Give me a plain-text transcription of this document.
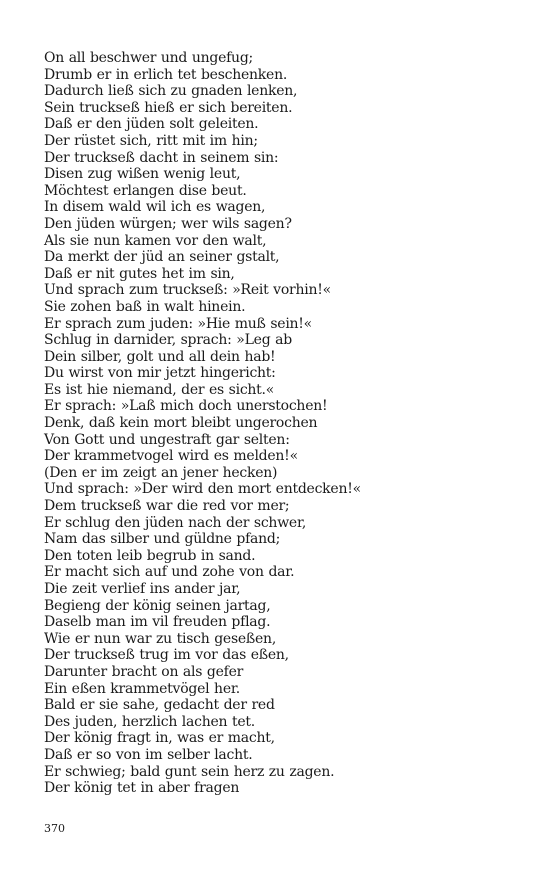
On all beschwer und ungefug;
Drumb er in erlich tet beschenken.
Dadurch ließ sich zu gnaden lenken,
Sein truckseß hieß er sich bereiten.
Daß er den jüden solt geleiten.
Der rüstet sich, ritt mit im hin;
Der truckseß dacht in seinem sin:
Disen zug wißen wenig leut,
Möchtest erlangen dise beut.
In disem wald wil ich es wagen,
Den jüden würgen; wer wils sagen?
Als sie nun kamen vor den walt,
Da merkt der jüd an seiner gstalt,
Daß er nit gutes het im sin,
Und sprach zum truckseß: »Reit vorhin!«
Sie zohen baß in walt hinein.
Er sprach zum juden: »Hie muß sein!«
Schlug in darnider, sprach: »Leg ab
Dein silber, golt und all dein hab!
Du wirst von mir jetzt hingericht:
Es ist hie niemand, der es sicht.«
Er sprach: »Laß mich doch unerstochen!
Denk, daß kein mort bleibt ungerochen
Von Gott und ungestraft gar selten:
Der krammetvogel wird es melden!«
(Den er im zeigt an jener hecken)
Und sprach: »Der wird den mort entdecken!«
Dem truckseß war die red vor mer;
Er schlug den jüden nach der schwer,
Nam das silber und güldne pfand;
Den toten leib begrub in sand.
Er macht sich auf und zohe von dar.
Die zeit verlief ins ander jar,
Begieng der könig seinen jartag,
Daselb man im vil freuden pflag.
Wie er nun war zu tisch geseßen,
Der truckseß trug im vor das eßen,
Darunter bracht on als gefer
Ein eßen krammetvögel her.
Bald er sie sahe, gedacht der red
Des juden, herzlich lachen tet.
Der könig fragt in, was er macht,
Daß er so von im selber lacht.
Er schwieg; bald gunt sein herz zu zagen.
Der könig tet in aber fragen
370
